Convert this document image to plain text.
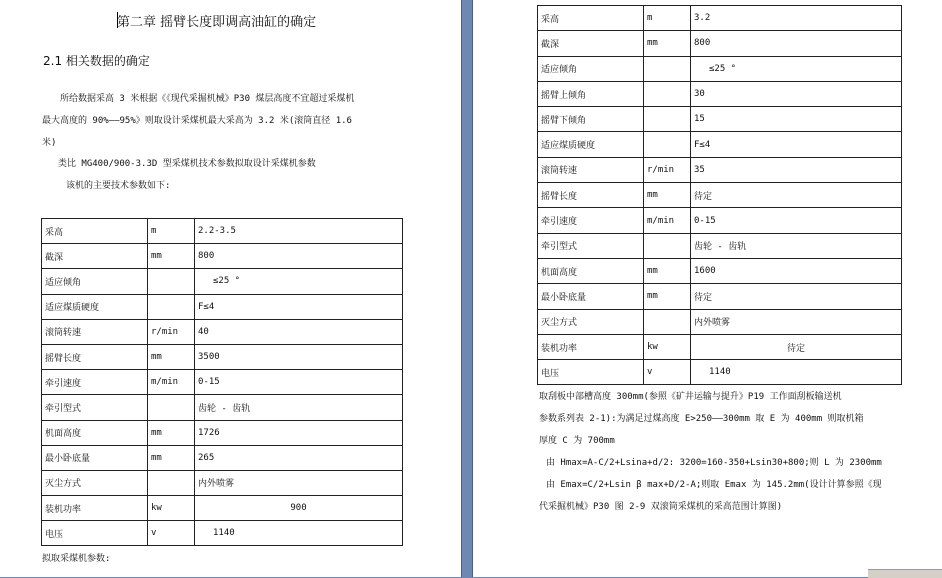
第二章 摇臂长度即调高油缸的确定
2.1 相关数据的确定
所给数据采高 3 米根据《《现代采掘机械》P30 煤层高度不宜超过采煤机
最大高度的 90%——95%》则取设计采煤机最大采高为 3.2 米(滚筒直径 1.6
米)
类比 MG400/900-3.3D 型采煤机技术参数拟取设计采煤机参数
该机的主要技术参数如下:
采高	m	2.2-3.5
截深	mm	800
适应倾角		≤25 °
适应煤质硬度		F≤4
滚筒转速	r/min	40
摇臂长度	mm	3500
牵引速度	m/min	0-15
牵引型式		齿轮 - 齿轨
机面高度	mm	1726
最小卧底量	mm	265
灭尘方式		内外喷雾
装机功率	kw	900
电压	v	1140
拟取采煤机参数:
采高	m	3.2
截深	mm	800
适应倾角		≤25 °
摇臂上倾角		30
摇臂下倾角		15
适应煤质硬度		F≤4
滚筒转速	r/min	35
摇臂长度	mm	待定
牵引速度	m/min	0-15
牵引型式		齿轮 - 齿轨
机面高度	mm	1600
最小卧底量	mm	待定
灭尘方式		内外喷雾
装机功率	kw	待定
电压	v	1140
取刮板中部槽高度 300mm(参照《矿井运输与提升》P19 工作面刮板输送机
参数系列表 2-1):为满足过煤高度 E>250——300mm 取 E 为 400mm 则取机箱
厚度 C 为 700mm
由 Hmax=A-C/2+Lsina+d/2: 3200=160-350+Lsin30+800;则 L 为 2300mm
由 Emax=C/2+Lsin β max+D/2-A;则取 Emax 为 145.2mm(设计计算参照《现
代采掘机械》P30 图 2-9 双滚筒采煤机的采高范围计算图)
